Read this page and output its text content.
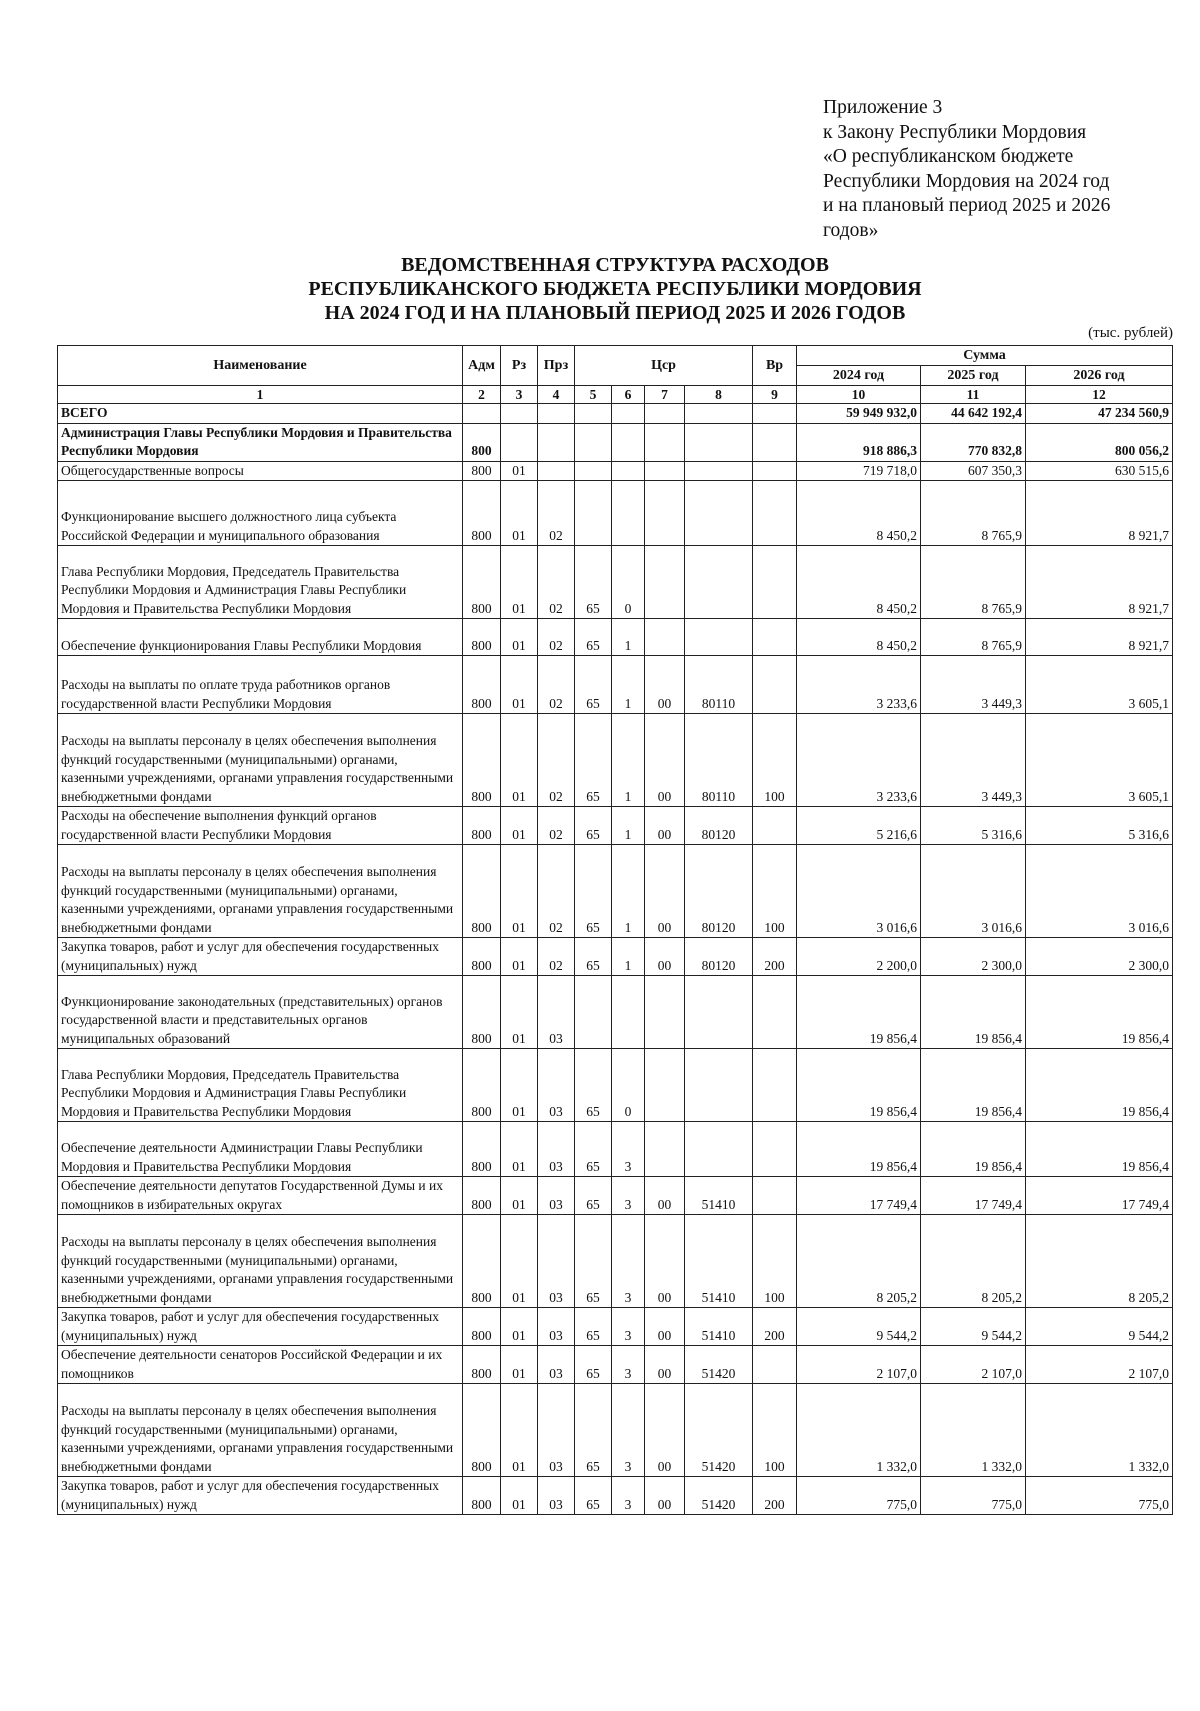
Приложение 3
к Закону Республики Мордовия
«О республиканском бюджете
Республики Мордовия на 2024 год
и на плановый период 2025 и 2026
годов»
ВЕДОМСТВЕННАЯ СТРУКТУРА РАСХОДОВ
РЕСПУБЛИКАНСКОГО БЮДЖЕТА РЕСПУБЛИКИ МОРДОВИЯ
НА 2024 ГОД И НА ПЛАНОВЫЙ ПЕРИОД 2025 И 2026 ГОДОВ
(тыс. рублей)
Наименование	Адм	Рз	Прз	Цср				Вр	Сумма		
									2024 год	2025 год	2026 год
1	2	3	4	5	6	7	8	9	10	11	12
ВСЕГО									59 949 932,0	44 642 192,4	47 234 560,9
Администрация Главы Республики Мордовия и Правительства Республики Мордовия	800								918 886,3	770 832,8	800 056,2
Общегосударственные вопросы	800	01							719 718,0	607 350,3	630 515,6
Функционирование высшего должностного лица субъекта Российской Федерации и муниципального образования	800	01	02						8 450,2	8 765,9	8 921,7
Глава Республики Мордовия, Председатель Правительства Республики Мордовия и Администрация Главы Республики Мордовия и Правительства Республики Мордовия	800	01	02	65	0				8 450,2	8 765,9	8 921,7
Обеспечение функционирования Главы Республики Мордовия	800	01	02	65	1				8 450,2	8 765,9	8 921,7
Расходы на выплаты по оплате труда работников органов государственной власти Республики Мордовия	800	01	02	65	1	00	80110		3 233,6	3 449,3	3 605,1
Расходы на выплаты персоналу в целях обеспечения выполнения функций государственными (муниципальными) органами, казенными учреждениями, органами управления государственными внебюджетными фондами	800	01	02	65	1	00	80110	100	3 233,6	3 449,3	3 605,1
Расходы на обеспечение выполнения функций органов государственной власти Республики Мордовия	800	01	02	65	1	00	80120		5 216,6	5 316,6	5 316,6
Расходы на выплаты персоналу в целях обеспечения выполнения функций государственными (муниципальными) органами, казенными учреждениями, органами управления государственными внебюджетными фондами	800	01	02	65	1	00	80120	100	3 016,6	3 016,6	3 016,6
Закупка товаров, работ и услуг для обеспечения государственных (муниципальных) нужд	800	01	02	65	1	00	80120	200	2 200,0	2 300,0	2 300,0
Функционирование законодательных (представительных) органов государственной власти и представительных органов муниципальных образований	800	01	03						19 856,4	19 856,4	19 856,4
Глава Республики Мордовия, Председатель Правительства Республики Мордовия и Администрация Главы Республики Мордовия и Правительства Республики Мордовия	800	01	03	65	0				19 856,4	19 856,4	19 856,4
Обеспечение деятельности Администрации Главы Республики Мордовия и Правительства Республики Мордовия	800	01	03	65	3				19 856,4	19 856,4	19 856,4
Обеспечение деятельности депутатов Государственной Думы и их помощников в избирательных округах	800	01	03	65	3	00	51410		17 749,4	17 749,4	17 749,4
Расходы на выплаты персоналу в целях обеспечения выполнения функций государственными (муниципальными) органами, казенными учреждениями, органами управления государственными внебюджетными фондами	800	01	03	65	3	00	51410	100	8 205,2	8 205,2	8 205,2
Закупка товаров, работ и услуг для обеспечения государственных (муниципальных) нужд	800	01	03	65	3	00	51410	200	9 544,2	9 544,2	9 544,2
Обеспечение деятельности сенаторов Российской Федерации и их помощников	800	01	03	65	3	00	51420		2 107,0	2 107,0	2 107,0
Расходы на выплаты персоналу в целях обеспечения выполнения функций государственными (муниципальными) органами, казенными учреждениями, органами управления государственными внебюджетными фондами	800	01	03	65	3	00	51420	100	1 332,0	1 332,0	1 332,0
Закупка товаров, работ и услуг для обеспечения государственных (муниципальных) нужд	800	01	03	65	3	00	51420	200	775,0	775,0	775,0
